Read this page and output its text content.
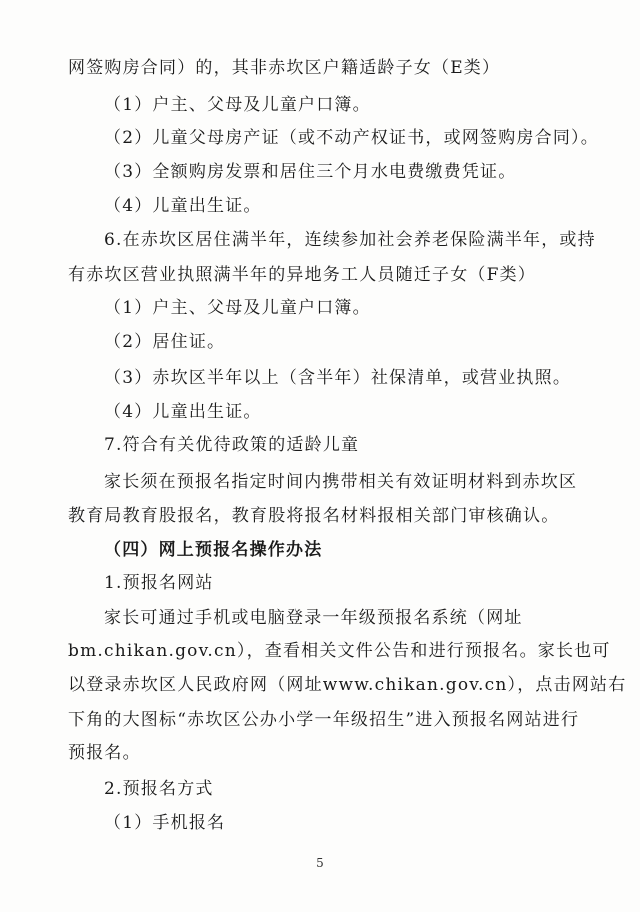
网签购房合同）的，其非赤坎区户籍适龄子女（E类）
（1）户主、父母及儿童户口簿。
（2）儿童父母房产证（或不动产权证书，或网签购房合同）。
（3）全额购房发票和居住三个月水电费缴费凭证。
（4）儿童出生证。
6.在赤坎区居住满半年，连续参加社会养老保险满半年，或持
有赤坎区营业执照满半年的异地务工人员随迁子女（F类）
（1）户主、父母及儿童户口簿。
（2）居住证。
（3）赤坎区半年以上（含半年）社保清单，或营业执照。
（4）儿童出生证。
7.符合有关优待政策的适龄儿童
家长须在预报名指定时间内携带相关有效证明材料到赤坎区
教育局教育股报名，教育股将报名材料报相关部门审核确认。
（四）网上预报名操作办法
1.预报名网站
家长可通过手机或电脑登录一年级预报名系统（网址
bm.chikan.gov.cn），查看相关文件公告和进行预报名。家长也可
以登录赤坎区人民政府网（网址www.chikan.gov.cn），点击网站右
下角的大图标“赤坎区公办小学一年级招生”进入预报名网站进行
预报名。
2.预报名方式
（1）手机报名
5
